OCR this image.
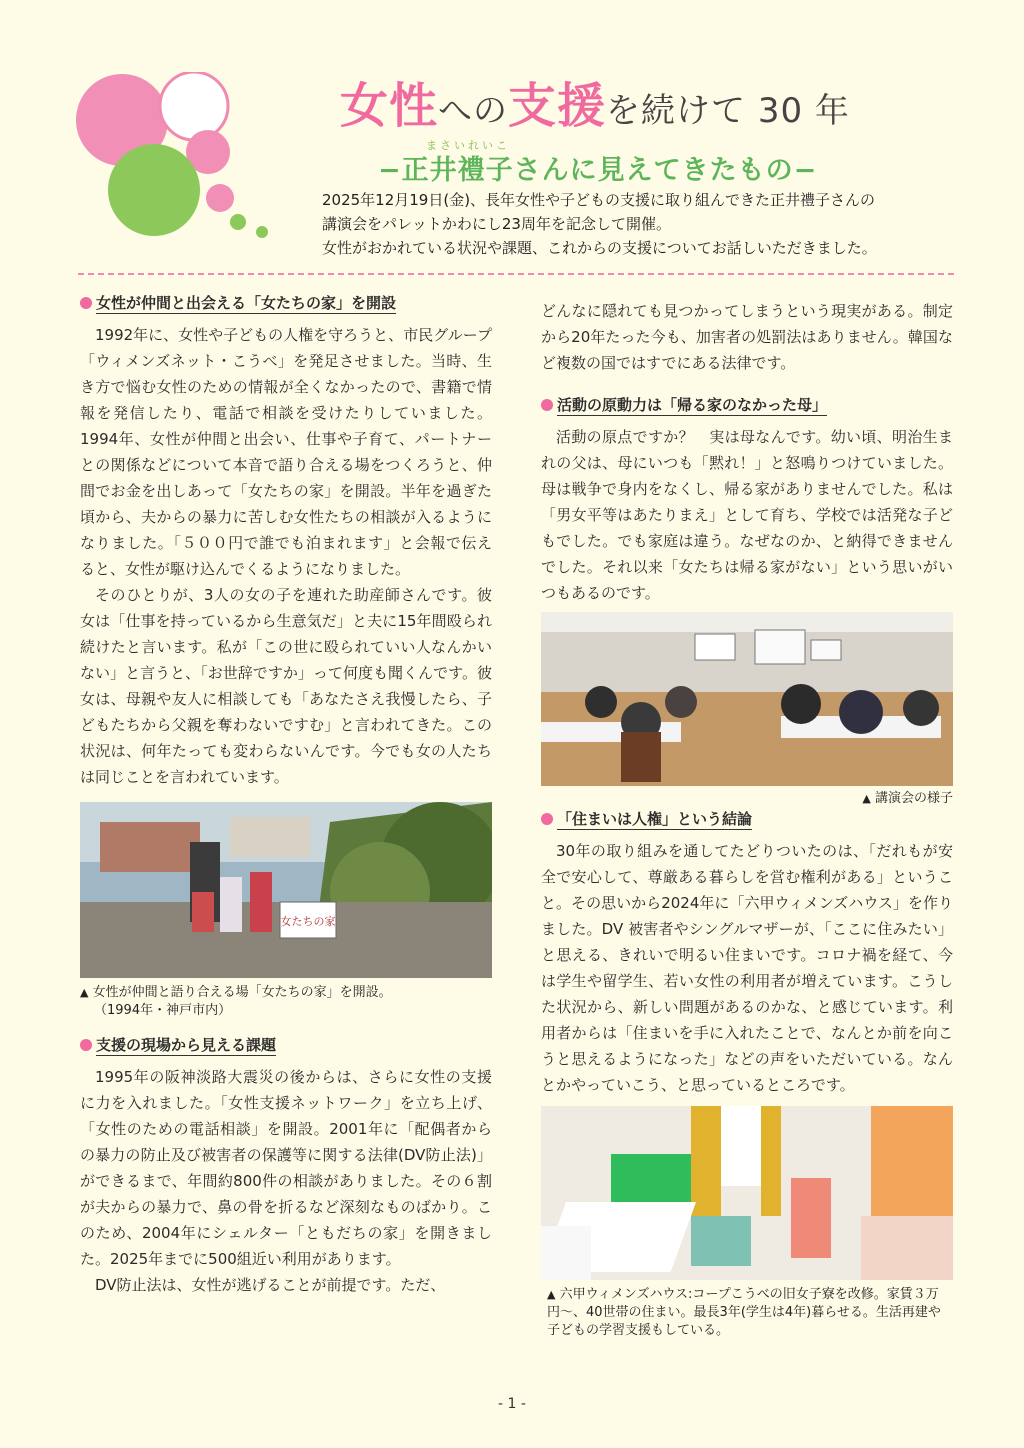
女性への支援を続けて 30 年
まさいれいこ
−正井禮子さんに見えてきたもの−

2025年12月19日(金)、長年女性や子どもの支援に取り組んできた正井禮子さんの

講演会をパレットかわにし23周年を記念して開催。

女性がおかれている状況や課題、これからの支援についてお話しいただきました。

女性が仲間と出会える「女たちの家」を開設

1992年に、女性や子どもの人権を守ろうと、市民グループ「ウィメンズネット・こうべ」を発足させました。当時、生き方で悩む女性のための情報が全くなかったので、書籍で情報を発信したり、電話で相談を受けたりしていました。1994年、女性が仲間と出会い、仕事や子育て、パートナーとの関係などについて本音で語り合える場をつくろうと、仲間でお金を出しあって「女たちの家」を開設。半年を過ぎた頃から、夫からの暴力に苦しむ女性たちの相談が入るようになりました。「５００円で誰でも泊まれます」と会報で伝えると、女性が駆け込んでくるようになりました。

そのひとりが、3人の女の子を連れた助産師さんです。彼女は「仕事を持っているから生意気だ」と夫に15年間殴られ続けたと言います。私が「この世に殴られていい人なんかいない」と言うと、「お世辞ですか」って何度も聞くんです。彼女は、母親や友人に相談しても「あなたさえ我慢したら、子どもたちから父親を奪わないですむ」と言われてきた。この状況は、何年たっても変わらないんです。今でも女の人たちは同じことを言われています。

女たちの家
▲ 女性が仲間と語り合える場「女たちの家」を開設。
（1994年・神戸市内）
支援の現場から見える課題

1995年の阪神淡路大震災の後からは、さらに女性の支援に力を入れました。「女性支援ネットワーク」を立ち上げ、「女性のための電話相談」を開設。2001年に「配偶者からの暴力の防止及び被害者の保護等に関する法律(DV防止法)」ができるまで、年間約800件の相談がありました。その６割が夫からの暴力で、鼻の骨を折るなど深刻なものばかり。このため、2004年にシェルター「ともだちの家」を開きました。2025年までに500組近い利用があります。

DV防止法は、女性が逃げることが前提です。ただ、

どんなに隠れても見つかってしまうという現実がある。制定から20年たった今も、加害者の処罰法はありません。韓国など複数の国ではすでにある法律です。

活動の原動力は「帰る家のなかった母」

活動の原点ですか？　実は母なんです。幼い頃、明治生まれの父は、母にいつも「黙れ！」と怒鳴りつけていました。母は戦争で身内をなくし、帰る家がありませんでした。私は「男女平等はあたりまえ」として育ち、学校では活発な子どもでした。でも家庭は違う。なぜなのか、と納得できませんでした。それ以来「女たちは帰る家がない」という思いがいつもあるのです。

▲ 講演会の様子
「住まいは人権」という結論

30年の取り組みを通してたどりついたのは、「だれもが安全で安心して、尊厳ある暮らしを営む権利がある」ということ。その思いから2024年に「六甲ウィメンズハウス」を作りました。DV 被害者やシングルマザーが、「ここに住みたい」と思える、きれいで明るい住まいです。コロナ禍を経て、今は学生や留学生、若い女性の利用者が増えています。こうした状況から、新しい問題があるのかな、と感じています。利用者からは「住まいを手に入れたことで、なんとか前を向こうと思えるようになった」などの声をいただいている。なんとかやっていこう、と思っているところです。

▲ 六甲ウィメンズハウス:コープこうべの旧女子寮を改修。家賃３万円〜、40世帯の住まい。最長3年(学生は4年)暮らせる。生活再建や子どもの学習支援もしている。
- 1 -
